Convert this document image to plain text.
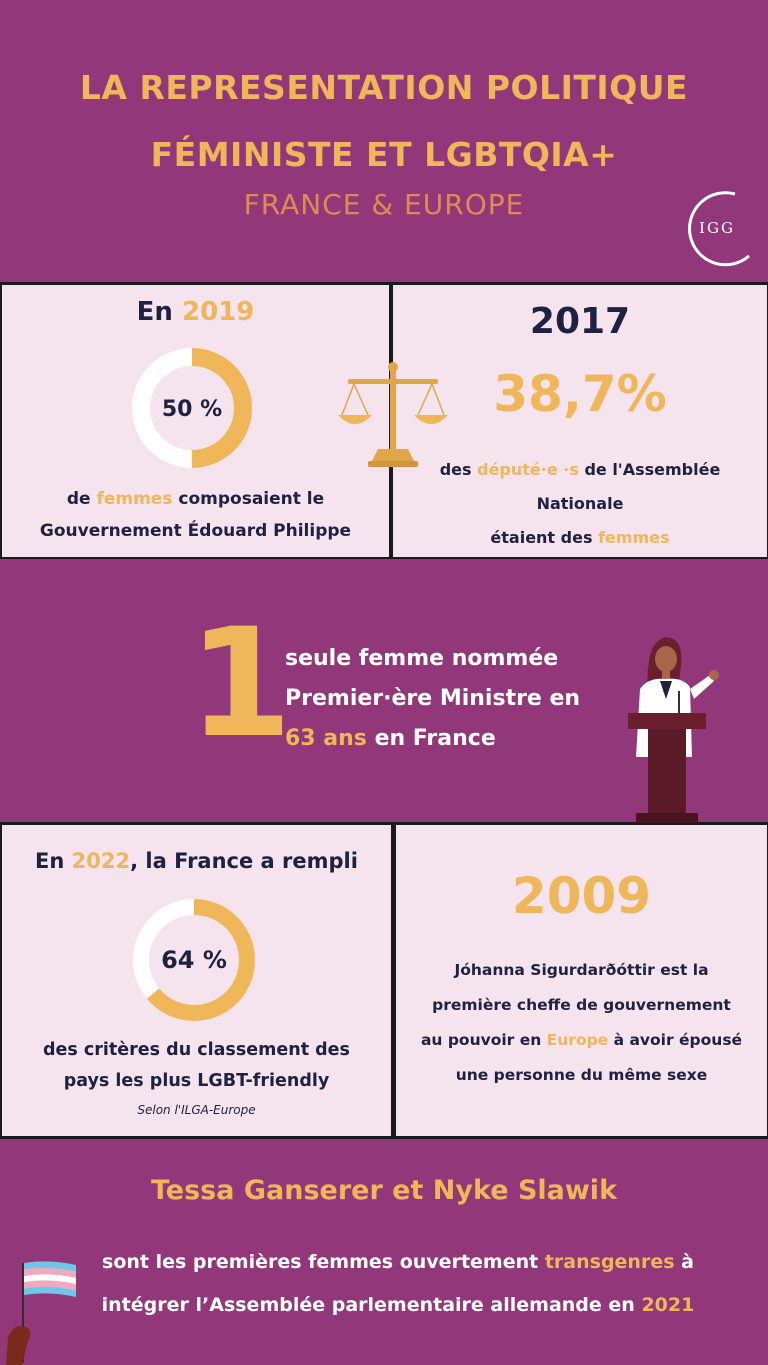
LA REPRESENTATION POLITIQUE
FÉMINISTE ET LGBTQIA+
FRANCE & EUROPE
IGG
En 2019
50 %
de femmes composaient le
Gouvernement Édouard Philippe
2017
38,7%
des député·e ·s de l'Assemblée
Nationale
étaient des femmes
1
seule femme nommée
Premier·ère Ministre en
63 ans en France
En 2022, la France a rempli
64 %
des critères du classement des
pays les plus LGBT-friendly
Selon l'ILGA-Europe
2009
Jóhanna Sigurdarðóttir est la
première cheffe de gouvernement
au pouvoir en Europe à avoir épousé
une personne du même sexe
Tessa Ganserer et Nyke Slawik
sont les premières femmes ouvertement transgenres à
intégrer l’Assemblée parlementaire allemande en 2021
